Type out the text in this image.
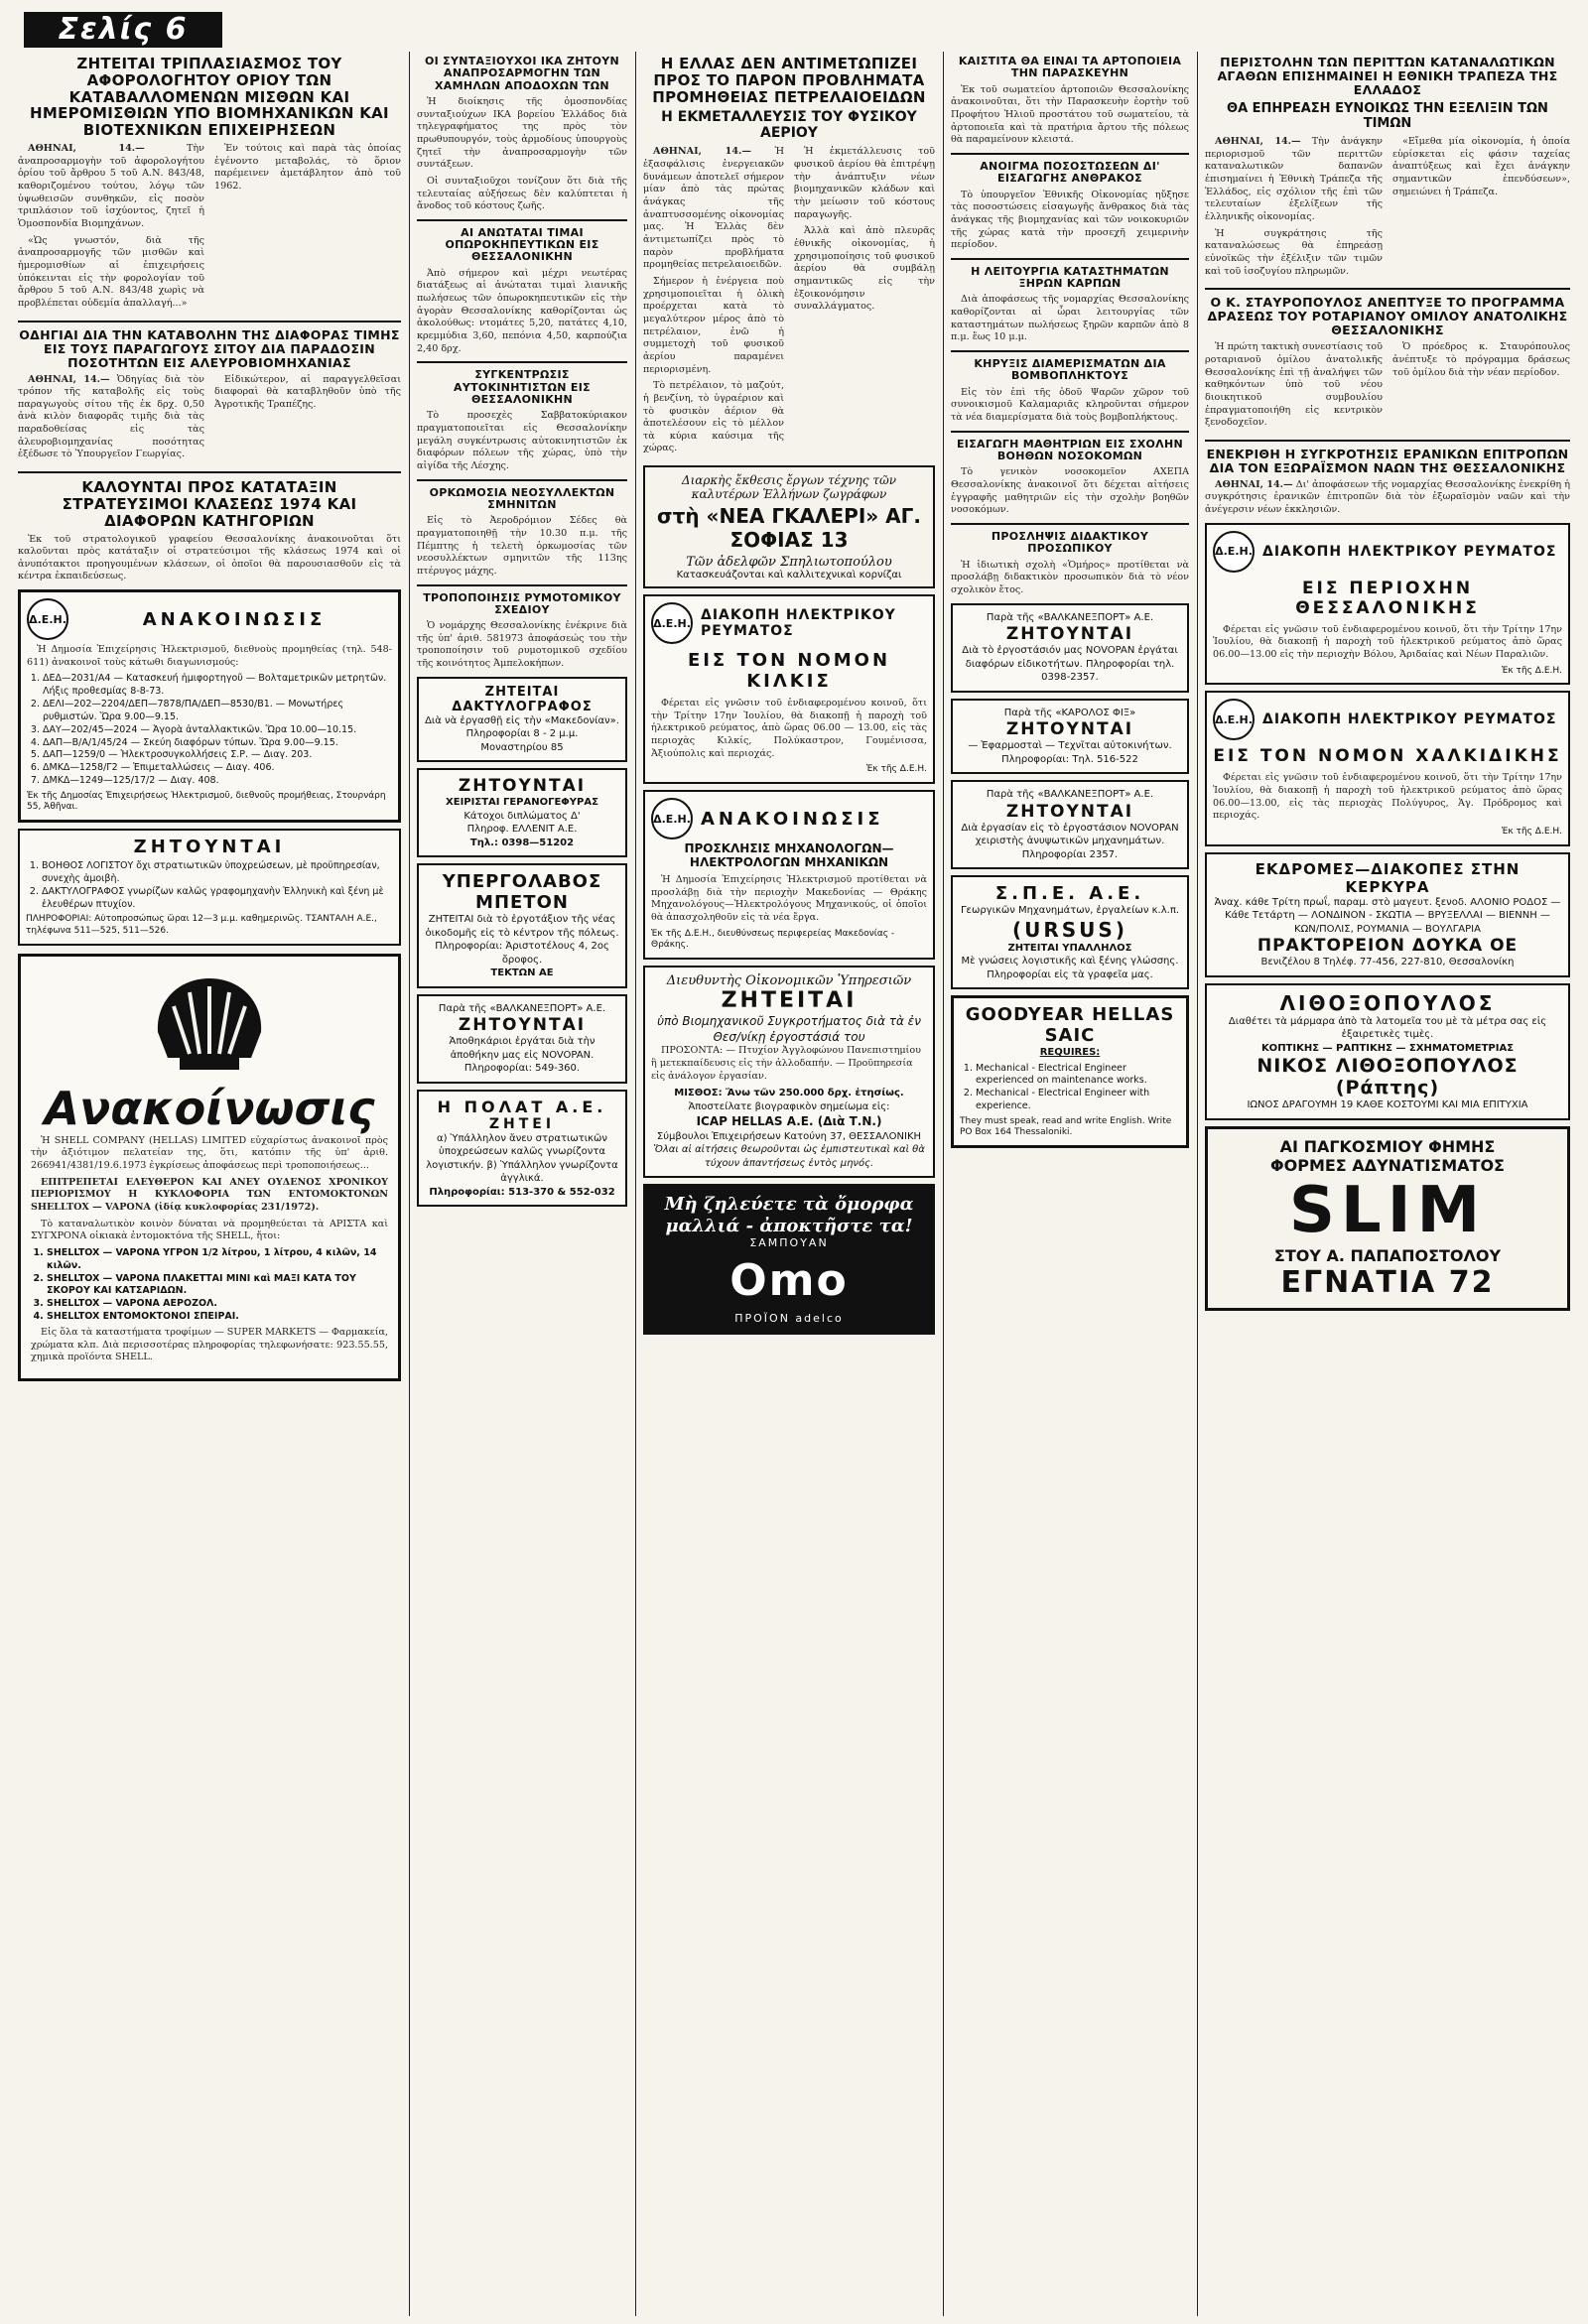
Σελίς 6
ΖΗΤΕΙΤΑΙ ΤΡΙΠΛΑΣΙΑΣΜΟΣ ΤΟΥ ΑΦΟΡΟΛΟΓΗΤΟΥ ΟΡΙΟΥ ΤΩΝ ΚΑΤΑΒΑΛΛΟΜΕΝΩΝ ΜΙΣΘΩΝ ΚΑΙ ΗΜΕΡΟΜΙΣΘΙΩΝ ΥΠΟ ΒΙΟΜΗΧΑΝΙΚΩΝ ΚΑΙ ΒΙΟΤΕΧΝΙΚΩΝ ΕΠΙΧΕΙΡΗΣΕΩΝ

ΑΘΗΝΑΙ, 14.—	Τὴν ἀναπροσαρμογὴν τοῦ ἀφορολογήτου ὁρίου τοῦ ἄρθρου 5 τοῦ Α.Ν. 843/48, καθοριζομένου τούτου, λόγῳ τῶν ὑψωθεισῶν συνθηκῶν, εἰς ποσὸν τριπλάσιον τοῦ ἰσχύοντος, ζητεῖ ἡ Ὁμοσπονδία Βιομηχάνων.

«Ὡς γνωστόν, διὰ τῆς ἀναπροσαρμογῆς τῶν μισθῶν καὶ ἡμερομισθίων αἱ ἐπιχειρήσεις ὑπόκεινται εἰς τὴν φορολογίαν τοῦ ἄρθρου 5 τοῦ Α.Ν. 843/48 χωρὶς νὰ προβλέπεται οὐδεμία ἀπαλλαγή...»

Ἐν τούτοις καὶ παρὰ τὰς ὁποίας ἐγένοντο μεταβολάς, τὸ ὅριον παρέμεινεν ἀμετάβλητον ἀπὸ τοῦ 1962.

ΟΔΗΓΙΑΙ ΔΙΑ ΤΗΝ ΚΑΤΑΒΟΛΗΝ ΤΗΣ ΔΙΑΦΟΡΑΣ ΤΙΜΗΣ ΕΙΣ ΤΟΥΣ ΠΑΡΑΓΩΓΟΥΣ ΣΙΤΟΥ ΔΙΑ ΠΑΡΑΔΟΣΙΝ ΠΟΣΟΤΗΤΩΝ ΕΙΣ ΑΛΕΥΡΟΒΙΟΜΗΧΑΝΙΑΣ

ΑΘΗΝΑΙ, 14.— Ὁδηγίας διὰ τὸν τρόπον τῆς καταβολῆς εἰς τοὺς παραγωγοὺς σίτου τῆς ἐκ δρχ. 0,50 ἀνὰ κιλὸν διαφορᾶς τιμῆς διὰ τὰς παραδοθείσας εἰς τὰς ἀλευροβιομηχανίας ποσότητας ἐξέδωσε τὸ Ὑπουργεῖον Γεωργίας.

Εἰδικώτερον, αἱ παραγγελθεῖσαι διαφοραὶ θὰ καταβληθοῦν ὑπὸ τῆς Ἀγροτικῆς Τραπέζης.

ΚΑΛΟΥΝΤΑΙ ΠΡΟΣ ΚΑΤΑΤΑΞΙΝ ΣΤΡΑΤΕΥΣΙΜΟΙ ΚΛΑΣΕΩΣ 1974 ΚΑΙ ΔΙΑΦΟΡΩΝ ΚΑΤΗΓΟΡΙΩΝ

Ἐκ τοῦ στρατολογικοῦ γραφείου Θεσσαλονίκης ἀνακοινοῦται ὅτι καλοῦνται πρὸς κατάταξιν οἱ στρατεύσιμοι τῆς κλάσεως 1974 καὶ οἱ ἀνυπότακτοι προηγουμένων κλάσεων, οἱ ὁποῖοι θὰ παρουσιασθοῦν εἰς τὰ κέντρα ἐκπαιδεύσεως.

Δ.Ε.Η.	ΑΝΑΚΟΙΝΩΣΙΣ

Ἡ Δημοσία Ἐπιχείρησις Ἠλεκτρισμοῦ, διεθνοὺς προμηθείας (τηλ. 548-611) ἀνακοινοῖ τοὺς κάτωθι διαγωνισμούς:

1. ΔΕΔ—2031/Α4 — Κατασκευή ἡμιφορτηγοῦ — Βολταμετρικῶν μετρητῶν. Λήξις προθεσμίας 8-8-73.
2. ΔΕΛΙ—202—2204/ΔΕΠ—7878/ΠΑ/ΔΕΠ—8530/Β1. — Μονωτήρες ρυθμιστών. Ὥρα 9.00—9.15.
3. ΔΑΥ—202/45—2024 — Ἀγορὰ ἀνταλλακτικῶν. Ὥρα 10.00—10.15.
4. ΔΑΠ—Β/Α/1/45/24 — Σκεύη διαφόρων τύπων. Ὥρα 9.00—9.15.
5. ΔΑΠ—1259/0 — Ἠλεκτροσυγκολλήσεις Σ.Ρ. — Διαγ. 203.
6. ΔΜΚΔ—1258/Γ2 — Ἐπιμεταλλώσεις — Διαγ. 406.
7. ΔΜΚΔ—1249—125/17/2 — Διαγ. 408.
Ἐκ τῆς Δημοσίας Ἐπιχειρήσεως Ἠλεκτρισμοῦ, διεθνοῦς προμήθειας, Στουρνάρη 55, Ἀθῆναι.
ΖΗΤΟΥΝΤΑΙ
1. ΒΟΗΘΟΣ ΛΟΓΙΣΤΟΥ ὄχι στρατιωτικῶν ὑποχρεώσεων, μὲ προϋπηρεσίαν, συνεχὴς ἀμοιβὴ.
2. ΔΑΚΤΥΛΟΓΡΑΦΟΣ γνωρίζων καλῶς γραφομηχανὴν Ἑλληνικὴ καὶ ξένη μὲ ἐλευθέρων πτυχίον.
ΠΛΗΡΟΦΟΡΙΑΙ: Αὐτοπροσώπως ὥραι 12—3 μ.μ. καθημερινῶς. ΤΣΑΝΤΑΛΗ Α.Ε., τηλέφωνα 511—525, 511—526.
Ανακοίνωσις

Ἡ SHELL COMPANY (HELLAS) LIMITED εὐχαρίστως ἀνακοινοῖ πρὸς τὴν ἀξιότιμον πελατείαν της, ὅτι, κατόπιν τῆς ὑπ' ἀριθ. 266941/4381/19.6.1973 ἐγκρίσεως ἀποφάσεως περὶ τροποποιήσεως...

ΕΠΙΤΡΕΠΕΤΑΙ ΕΛΕΥΘΕΡΟΝ ΚΑΙ ΑΝΕΥ ΟΥΔΕΝΟΣ ΧΡΟΝΙΚΟΥ ΠΕΡΙΟΡΙΣΜΟΥ Η ΚΥΚΛΟΦΟΡΙΑ ΤΩΝ ΕΝΤΟΜΟΚΤΟΝΩΝ SHELLTOX — VAPONA (ἰδίᾳ κυκλοφορίας 231/1972).

Τὸ καταναλωτικὸν κοινὸν δύναται νὰ προμηθεύεται τὰ ΑΡΙΣΤΑ καὶ ΣΥΓΧΡΟΝΑ οἰκιακὰ ἐντομοκτόνα τῆς SHELL, ἤτοι:

1. SHELLTOX — VAPONA ΥΓΡΟΝ 1/2 λίτρου, 1 λίτρου, 4 κιλῶν, 14 κιλῶν.
2. SHELLTOX — VAPONA ΠΛΑΚΕΤΤΑΙ ΜΙΝΙ καὶ ΜΑΞΙ ΚΑΤΑ ΤΟΥ ΣΚΟΡΟΥ ΚΑΙ ΚΑΤΣΑΡΙΔΩΝ.
3. SHELLTOX — VAPONA ΑΕΡΟΖΟΛ.
4. SHELLTOX ΕΝΤΟΜΟΚΤΟΝΟΙ ΣΠΕΙΡΑΙ.

Εἰς ὅλα τὰ καταστήματα τροφίμων — SUPER MARKETS — Φαρμακεία, χρώματα κλπ. Διὰ περισσοτέρας πληροφορίας τηλεφωνήσατε: 923.55.55, χημικὰ προϊόντα SHELL.

ΟΙ ΣΥΝΤΑΞΙΟΥΧΟΙ ΙΚΑ ΖΗΤΟΥΝ ΑΝΑΠΡΟΣΑΡΜΟΓΗΝ ΤΩΝ ΧΑΜΗΛΩΝ ΑΠΟΔΟΧΩΝ ΤΩΝ

Ἡ διοίκησις τῆς ὁμοσπονδίας συνταξιούχων ΙΚΑ βορείου Ἑλλάδος διὰ τηλεγραφήματος της πρὸς τὸν πρωθυπουργόν, τοὺς ἁρμοδίους ὑπουργοὺς ζητεῖ τὴν ἀναπροσαρμογὴν τῶν συντάξεων.

Οἱ συνταξιοῦχοι τονίζουν ὅτι διὰ τῆς τελευταίας αὐξήσεως δὲν καλύπτεται ἡ ἄνοδος τοῦ κόστους ζωῆς.

ΑΙ ΑΝΩΤΑΤΑΙ ΤΙΜΑΙ ΟΠΩΡΟΚΗΠΕΥΤΙΚΩΝ ΕΙΣ ΘΕΣΣΑΛΟΝΙΚΗΝ

Ἀπὸ σήμερον καὶ μέχρι νεωτέρας διατάξεως αἱ ἀνώταται τιμαὶ λιανικῆς πωλήσεως τῶν ὀπωροκηπευτικῶν εἰς τὴν ἀγορὰν Θεσσαλονίκης καθορίζονται ὡς ἀκολούθως: ντομάτες 5,20, πατάτες 4,10, κρεμμύδια 3,60, πεπόνια 4,50, καρπούζια 2,40 δρχ.

ΣΥΓΚΕΝΤΡΩΣΙΣ ΑΥΤΟΚΙΝΗΤΙΣΤΩΝ ΕΙΣ ΘΕΣΣΑΛΟΝΙΚΗΝ

Τὸ προσεχὲς Σαββατοκύριακον πραγματοποιεῖται εἰς Θεσσαλονίκην μεγάλη συγκέντρωσις αὐτοκινητιστῶν ἐκ διαφόρων πόλεων τῆς χώρας, ὑπὸ τὴν αἰγίδα τῆς Λέσχης.

ΟΡΚΩΜΟΣΙΑ ΝΕΟΣΥΛΛΕΚΤΩΝ ΣΜΗΝΙΤΩΝ

Εἰς τὸ Ἀεροδρόμιον Σέδες θὰ πραγματοποιηθῇ τὴν 10.30 π.μ. τῆς Πέμπτης ἡ τελετὴ ὁρκωμοσίας τῶν νεοσυλλέκτων σμηνιτῶν τῆς 113ης πτέρυγος μάχης.

ΤΡΟΠΟΠΟΙΗΣΙΣ ΡΥΜΟΤΟΜΙΚΟΥ ΣΧΕΔΙΟΥ

Ὁ νομάρχης Θεσσαλονίκης ἐνέκρινε διὰ τῆς ὑπ' ἀριθ. 581973 ἀποφάσεώς του τὴν τροποποίησιν τοῦ ρυμοτομικοῦ σχεδίου τῆς κοινότητος Ἀμπελοκήπων.

ΖΗΤΕΙΤΑΙ ΔΑΚΤΥΛΟΓΡΑΦΟΣ
Διὰ νὰ ἐργασθῇ εἰς τὴν «Μακεδονίαν». Πληροφορίαι 8 - 2 μ.μ.
Μοναστηρίου 85
ΖΗΤΟΥΝΤΑΙ
ΧΕΙΡΙΣΤΑΙ ΓΕΡΑΝΟΓΕΦΥΡΑΣ
Κάτοχοι διπλώματος Δ'
Πληροφ. ΕΛΛΕΝΙΤ Α.Ε.
Τηλ.: 0398—51202
ΥΠΕΡΓΟΛΑΒΟΣ ΜΠΕΤΟΝ
ΖΗΤΕΙΤΑΙ διὰ τὸ ἐργοτάξιον τῆς νέας ὀικοδομῆς εἰς τὸ κέντρον τῆς πόλεως. Πληροφορίαι: Ἀριστοτέλους 4, 2ος ὄροφος.
ΤΕΚΤΩΝ ΑΕ
Παρὰ τῆς «ΒΑΛΚΑΝΕΞΠΟΡΤ» Α.Ε.
ΖΗΤΟΥΝΤΑΙ
Ἀποθηκάριοι ἐργάται διὰ τὴν ἀποθήκην μας εἰς NOVOPAN. Πληροφορίαι: 549-360.
Η ΠΟΛΑΤ Α.Ε.
ΖΗΤΕΙ
α) Ὑπάλληλον ἄνευ στρατιωτικῶν ὑποχρεώσεων καλῶς γνωρίζοντα λογιστικήν. β) Ὑπάλληλον γνωρίζοντα ἀγγλικά.
Πληροφορίαι: 513-370 & 552-032
Η ΕΛΛΑΣ ΔΕΝ ΑΝΤΙΜΕΤΩΠΙΖΕΙ ΠΡΟΣ ΤΟ ΠΑΡΟΝ ΠΡΟΒΛΗΜΑΤΑ ΠΡΟΜΗΘΕΙΑΣ ΠΕΤΡΕΛΑΙΟΕΙΔΩΝ
Η ΕΚΜΕΤΑΛΛΕΥΣΙΣ ΤΟΥ ΦΥΣΙΚΟΥ ΑΕΡΙΟΥ

ΑΘΗΝΑΙ, 14.— Ἡ ἐξασφάλισις ἐνεργειακῶν δυνάμεων ἀποτελεῖ σήμερον μίαν ἀπὸ τὰς πρώτας ἀνάγκας τῆς ἀναπτυσσομένης οἰκονομίας μας. Ἡ Ἑλλὰς δὲν ἀντιμετωπίζει πρὸς τὸ παρὸν προβλήματα προμηθείας πετρελαιοειδῶν.

Σήμερον ἡ ἐνέργεια ποὺ χρησιμοποιεῖται ἡ ὁλικὴ προέρχεται κατὰ τὸ μεγαλύτερον μέρος ἀπὸ τὸ πετρέλαιον, ἐνῶ ἡ συμμετοχὴ τοῦ φυσικοῦ ἀερίου παραμένει περιορισμένη.

Τὸ πετρέλαιον, τὸ μαζούτ, ἡ βενζίνη, τὸ ὑγραέριον καὶ τὸ φυσικὸν ἀέριον θὰ ἀποτελέσουν εἰς τὸ μέλλον τὰ κύρια καύσιμα τῆς χώρας.

Ἡ ἐκμετάλλευσις τοῦ φυσικοῦ ἀερίου θὰ ἐπιτρέψῃ τὴν ἀνάπτυξιν νέων βιομηχανικῶν κλάδων καὶ τὴν μείωσιν τοῦ κόστους παραγωγῆς.

Ἀλλὰ καὶ ἀπὸ πλευρᾶς ἐθνικῆς οἰκονομίας, ἡ χρησιμοποίησις τοῦ φυσικοῦ ἀερίου θὰ συμβάλῃ σημαντικῶς εἰς τὴν ἐξοικονόμησιν συναλλάγματος.

Διαρκὴς ἔκθεσις ἔργων τέχνης τῶν καλυτέρων Ἑλλήνων ζωγράφων
στὴ «ΝΕΑ ΓΚΑΛΕΡΙ» ΑΓ. ΣΟΦΙΑΣ 13
Τῶν ἀδελφῶν Σπηλιωτοπούλου
Κατασκευάζονται καὶ καλλιτεχνικαὶ κορνίζαι
Δ.Ε.Η. ΔΙΑΚΟΠΗ ΗΛΕΚΤΡΙΚΟΥ ΡΕΥΜΑΤΟΣ
ΕΙΣ ΤΟΝ ΝΟΜΟΝ ΚΙΛΚΙΣ

Φέρεται εἰς γνῶσιν τοῦ ἐνδιαφερομένου κοινοῦ, ὅτι τὴν Τρίτην 17ην Ἰουλίου, θὰ διακοπῇ ἡ παροχὴ τοῦ ἠλεκτρικοῦ ρεύματος, ἀπὸ ὥρας 06.00 — 13.00, εἰς τὰς περιοχὰς Κιλκίς, Πολύκαστρον, Γουμένισσα, Ἀξιούπολις καὶ περιοχάς.

Ἐκ τῆς Δ.Ε.Η.
Δ.Ε.Η. ΑΝΑΚΟΙΝΩΣΙΣ
ΠΡΟΣΚΛΗΣΙΣ ΜΗΧΑΝΟΛΟΓΩΝ—ΗΛΕΚΤΡΟΛΟΓΩΝ ΜΗΧΑΝΙΚΩΝ

Ἡ Δημοσία Ἐπιχείρησις Ἠλεκτρισμοῦ προτίθεται νὰ προσλάβῃ διὰ τὴν περιοχὴν Μακεδονίας — Θράκης Μηχανολόγους—Ἠλεκτρολόγους Μηχανικούς, οἱ ὁποῖοι θὰ ἀπασχοληθοῦν εἰς τὰ νέα ἔργα.

Ἐκ τῆς Δ.Ε.Η., διευθύνσεως περιφερείας Μακεδονίας - Θράκης.
Διευθυντὴς Οἰκονομικῶν Ὑπηρεσιῶν
ΖΗΤΕΙΤΑΙ
ὑπὸ Βιομηχανικοῦ Συγκροτήματος διὰ τὰ ἐν Θεσ/νίκῃ ἐργοστάσιά του

ΠΡΟΣΟΝΤΑ: — Πτυχίον Ἀγγλοφώνου Πανεπιστημίου ἢ μετεκπαίδευσις εἰς τὴν ἀλλοδαπήν. — Προϋπηρεσία εἰς ἀνάλογον ἐργασίαν.

ΜΙΣΘΟΣ: Ἄνω τῶν 250.000 δρχ. ἐτησίως.
Ἀποστείλατε βιογραφικὸν σημείωμα εἰς:
ICAP HELLAS A.E. (Διὰ Τ.Ν.)
Σύμβουλοι Ἐπιχειρήσεων Κατούνη 37, ΘΕΣΣΑΛΟΝΙΚΗ
Ὅλαι αἱ αἰτήσεις θεωροῦνται ὡς ἐμπιστευτικαὶ καὶ θὰ τύχουν ἀπαντήσεως ἐντὸς μηνός.
Μὴ ζηλεύετε τὰ ὄμορφα μαλλιά - ἀποκτῆστε τα!
ΣΑΜΠΟΥΑΝ
Omo
ΠΡΟΪΟΝ adelco
ΚΑΙΣΤΙΤΑ ΘΑ ΕΙΝΑΙ ΤΑ ΑΡΤΟΠΟΙΕΙΑ ΤΗΝ ΠΑΡΑΣΚΕΥΗΝ

Ἐκ τοῦ σωματείου ἀρτοποιῶν Θεσσαλονίκης ἀνακοινοῦται, ὅτι τὴν Παρασκευὴν ἑορτὴν τοῦ Προφήτου Ἠλιοῦ προστάτου τοῦ σωματείου, τὰ ἀρτοποιεῖα καὶ τὰ πρατήρια ἄρτου τῆς πόλεως θὰ παραμείνουν κλειστά.

ΑΝΟΙΓΜΑ ΠΟΣΟΣΤΩΣΕΩΝ ΔΙ' ΕΙΣΑΓΩΓΗΣ ΑΝΘΡΑΚΟΣ

Τὸ ὑπουργεῖον Ἐθνικῆς Οἰκονομίας ηὔξησε τὰς ποσοστώσεις εἰσαγωγῆς ἄνθρακος διὰ τὰς ἀνάγκας τῆς βιομηχανίας καὶ τῶν νοικοκυριῶν τῆς χώρας κατὰ τὴν προσεχῆ χειμερινὴν περίοδον.

Η ΛΕΙΤΟΥΡΓΙΑ ΚΑΤΑΣΤΗΜΑΤΩΝ ΞΗΡΩΝ ΚΑΡΠΩΝ

Διὰ ἀποφάσεως τῆς νομαρχίας Θεσσαλονίκης καθορίζονται αἱ ὧραι λειτουργίας τῶν καταστημάτων πωλήσεως ξηρῶν καρπῶν ἀπὸ 8 π.μ. ἕως 10 μ.μ.

ΚΗΡΥΞΙΣ ΔΙΑΜΕΡΙΣΜΑΤΩΝ ΔΙΑ ΒΟΜΒΟΠΛΗΚΤΟΥΣ

Εἰς τὸν ἐπὶ τῆς ὁδοῦ Ψαρῶν χῶρον τοῦ συνοικισμοῦ Καλαμαριᾶς κληροῦνται σήμερον τὰ νέα διαμερίσματα διὰ τοὺς βομβοπλήκτους.

ΕΙΣΑΓΩΓΗ ΜΑΘΗΤΡΙΩΝ ΕΙΣ ΣΧΟΛΗΝ ΒΟΗΘΩΝ ΝΟΣΟΚΟΜΩΝ

Τὸ γενικὸν νοσοκομεῖον ΑΧΕΠΑ Θεσσαλονίκης ἀνακοινοῖ ὅτι δέχεται αἰτήσεις ἐγγραφῆς μαθητριῶν εἰς τὴν σχολὴν βοηθῶν νοσοκόμων.

ΠΡΟΣΛΗΨΙΣ ΔΙΔΑΚΤΙΚΟΥ ΠΡΟΣΩΠΙΚΟΥ

Ἡ ἰδιωτικὴ σχολὴ «Ὁμήρος» προτίθεται νὰ προσλάβῃ διδακτικὸν προσωπικὸν διὰ τὸ νέον σχολικὸν ἔτος.

Παρὰ τῆς «ΒΑΛΚΑΝΕΞΠΟΡΤ» Α.Ε.
ΖΗΤΟΥΝΤΑΙ
Διὰ τὸ ἐργοστάσιόν μας NOVOPAN ἐργάται διαφόρων εἰδικοτήτων. Πληροφορίαι τηλ. 0398-2357.
Παρὰ τῆς «ΚΑΡΟΛΟΣ ΦΙΞ»
ΖΗΤΟΥΝΤΑΙ
— Ἐφαρμοσταὶ — Τεχνῖται αὐτοκινήτων. Πληροφορίαι: Τηλ. 516-522
Παρὰ τῆς «ΒΑΛΚΑΝΕΞΠΟΡΤ» Α.Ε.
ΖΗΤΟΥΝΤΑΙ
Διὰ ἐργασίαν εἰς τὸ ἐργοστάσιον NOVOPAN χειριστὴς ἀνυψωτικῶν μηχανημάτων. Πληροφορίαι 2357.
Σ.Π.Ε. Α.Ε.
Γεωργικῶν Μηχανημάτων, ἐργαλείων κ.λ.π.
(URSUS)
ΖΗΤΕΙΤΑΙ ΥΠΑΛΛΗΛΟΣ
Μὲ γνώσεις λογιστικῆς καὶ ξένης γλώσσης. Πληροφορίαι εἰς τὰ γραφεῖα μας.
GOODYEAR HELLAS SAIC
REQUIRES:
1. Mechanical - Electrical Engineer experienced on maintenance works.
2. Mechanical - Electrical Engineer with experience.
They must speak, read and write English. Write PO Box 164 Thessaloniki.
ΠΕΡΙΣΤΟΛΗΝ ΤΩΝ ΠΕΡΙΤΤΩΝ ΚΑΤΑΝΑΛΩΤΙΚΩΝ ΑΓΑΘΩΝ ΕΠΙΣΗΜΑΙΝΕΙ Η ΕΘΝΙΚΗ ΤΡΑΠΕΖΑ ΤΗΣ ΕΛΛΑΔΟΣ
ΘΑ ΕΠΗΡΕΑΣΗ ΕΥΝΟΙΚΩΣ ΤΗΝ ΕΞΕΛΙΞΙΝ ΤΩΝ ΤΙΜΩΝ

ΑΘΗΝΑΙ, 14.— Τὴν ἀνάγκην περιορισμοῦ τῶν περιττῶν καταναλωτικῶν δαπανῶν ἐπισημαίνει ἡ Ἐθνικὴ Τράπεζα τῆς Ἑλλάδος, εἰς σχόλιον τῆς ἐπὶ τῶν τελευταίων ἐξελίξεων τῆς ἑλληνικῆς οἰκονομίας.

Ἡ συγκράτησις τῆς καταναλώσεως θὰ ἐπηρεάσῃ εὐνοϊκῶς τὴν ἐξέλιξιν τῶν τιμῶν καὶ τοῦ ἰσοζυγίου πληρωμῶν.

«Εἴμεθα μία οἰκονομία, ἡ ὁποία εὑρίσκεται εἰς φάσιν ταχείας ἀναπτύξεως καὶ ἔχει ἀνάγκην σημαντικῶν ἐπενδύσεων», σημειώνει ἡ Τράπεζα.

Ο Κ. ΣΤΑΥΡΟΠΟΥΛΟΣ ΑΝΕΠΤΥΞΕ ΤΟ ΠΡΟΓΡΑΜΜΑ ΔΡΑΣΕΩΣ ΤΟΥ ΡΟΤΑΡΙΑΝΟΥ ΟΜΙΛΟΥ ΑΝΑΤΟΛΙΚΗΣ ΘΕΣΣΑΛΟΝΙΚΗΣ

Ἡ πρώτη τακτικὴ συνεστίασις τοῦ ροταριανοῦ ὁμίλου ἀνατολικῆς Θεσσαλονίκης ἐπὶ τῇ ἀναλήψει τῶν καθηκόντων ὑπὸ τοῦ νέου διοικητικοῦ συμβουλίου ἐπραγματοποιήθη εἰς κεντρικὸν ξενοδοχεῖον.

Ὁ πρόεδρος κ. Σταυρόπουλος ἀνέπτυξε τὸ πρόγραμμα δράσεως τοῦ ὁμίλου διὰ τὴν νέαν περίοδον.

ΕΝΕΚΡΙΘΗ Η ΣΥΓΚΡΟΤΗΣΙΣ ΕΡΑΝΙΚΩΝ ΕΠΙΤΡΟΠΩΝ ΔΙΑ ΤΟΝ ΕΞΩΡΑΪΣΜΟΝ ΝΑΩΝ ΤΗΣ ΘΕΣΣΑΛΟΝΙΚΗΣ

ΑΘΗΝΑΙ, 14.— Δι' ἀποφάσεων τῆς νομαρχίας Θεσσαλονίκης ἐνεκρίθη ἡ συγκρότησις ἐρανικῶν ἐπιτροπῶν διὰ τὸν ἐξωραϊσμὸν ναῶν καὶ τὴν ἀνέγερσιν νέων ἐκκλησιῶν.

Δ.Ε.Η. ΔΙΑΚΟΠΗ ΗΛΕΚΤΡΙΚΟΥ ΡΕΥΜΑΤΟΣ
ΕΙΣ ΠΕΡΙΟΧΗΝ ΘΕΣΣΑΛΟΝΙΚΗΣ

Φέρεται εἰς γνῶσιν τοῦ ἐνδιαφερομένου κοινοῦ, ὅτι τὴν Τρίτην 17ην Ἰουλίου, θὰ διακοπῇ ἡ παροχὴ τοῦ ἠλεκτρικοῦ ρεύματος ἀπὸ ὥρας 06.00—13.00 εἰς τὴν περιοχὴν Βόλου, Ἀριδαίας καὶ Νέων Παραλιῶν.

Ἐκ τῆς Δ.Ε.Η.
Δ.Ε.Η. ΔΙΑΚΟΠΗ ΗΛΕΚΤΡΙΚΟΥ ΡΕΥΜΑΤΟΣ
ΕΙΣ ΤΟΝ ΝΟΜΟΝ ΧΑΛΚΙΔΙΚΗΣ

Φέρεται εἰς γνῶσιν τοῦ ἐνδιαφερομένου κοινοῦ, ὅτι τὴν Τρίτην 17ην Ἰουλίου, θὰ διακοπῇ ἡ παροχὴ τοῦ ἠλεκτρικοῦ ρεύματος ἀπὸ ὥρας 06.00—13.00, εἰς τὰς περιοχὰς Πολύγυρος, Ἁγ. Πρόδρομος καὶ περιοχάς.

Ἐκ τῆς Δ.Ε.Η.
ΕΚΔΡΟΜΕΣ—ΔΙΑΚΟΠΕΣ ΣΤΗΝ ΚΕΡΚΥΡΑ
Ἀναχ. κάθε Τρίτη πρωΐ, παραμ. στὸ μαγευτ. ξενοδ. ΑΛΟΝΙΟ ΡΟΔΟΣ — Κάθε Τετάρτη — ΛΟΝΔΙΝΟΝ - ΣΚΩΤΙΑ — ΒΡΥΞΕΛΛΑΙ — ΒΙΕΝΝΗ — ΚΩΝ/ΠΟΛΙΣ, ΡΟΥΜΑΝΙΑ — ΒΟΥΛΓΑΡΙΑ
ΠΡΑΚΤΟΡΕΙΟΝ ΔΟΥΚΑ ΟΕ
Βενιζέλου 8 Τηλέφ. 77-456, 227-810, Θεσσαλονίκη
ΛΙΘΟΞΟΠΟΥΛΟΣ
Διαθέτει τὰ μάρμαρα ἀπὸ τὰ λατομεῖα του μὲ τὰ μέτρα σας εἰς ἐξαιρετικὲς τιμὲς.
ΚΟΠΤΙΚΗΣ — ΡΑΠΤΙΚΗΣ — ΣΧΗΜΑΤΟΜΕΤΡΙΑΣ
ΝΙΚΟΣ ΛΙΘΟΞΟΠΟΥΛΟΣ (Ράπτης)
ΙΩΝΟΣ ΔΡΑΓΟΥΜΗ 19 ΚΑΘΕ ΚΟΣΤΟΥΜΙ ΚΑΙ ΜΙΑ ΕΠΙΤΥΧΙΑ
ΑΙ ΠΑΓΚΟΣΜΙΟΥ ΦΗΜΗΣ
ΦΟΡΜΕΣ ΑΔΥΝΑΤΙΣΜΑΤΟΣ
SLIM
ΣΤΟΥ Α. ΠΑΠΑΠΟΣΤΟΛΟΥ
ΕΓΝΑΤΙΑ 72
